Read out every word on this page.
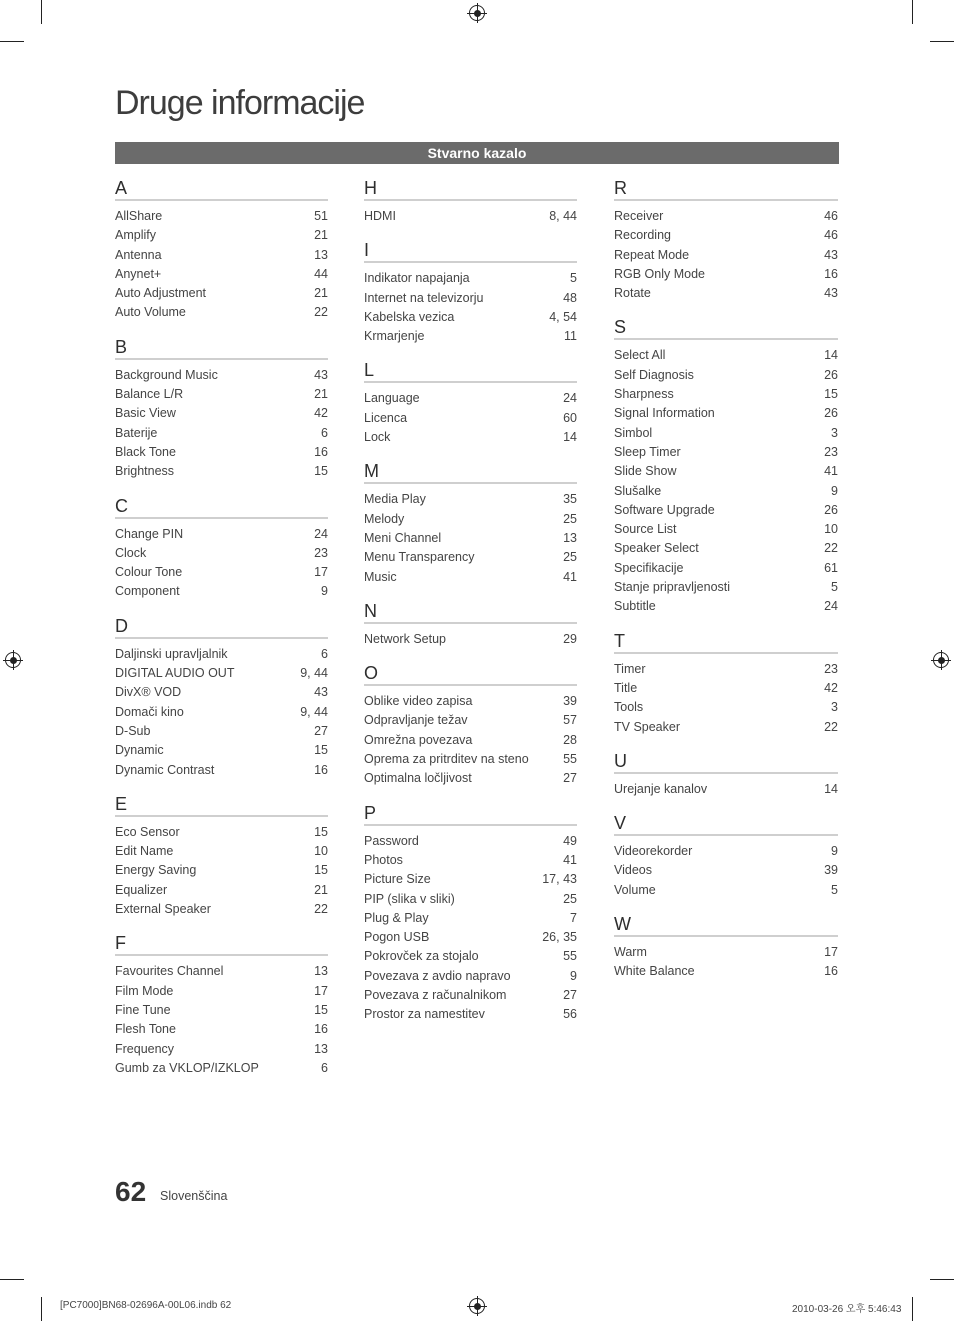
Druge informacije
Stvarno kazalo
A
AllShare	51
Amplify	21
Antenna	13
Anynet+	44
Auto Adjustment	21
Auto Volume	22
B
Background Music	43
Balance L/R	21
Basic View	42
Baterije	6
Black Tone	16
Brightness	15
C
Change PIN	24
Clock	23
Colour Tone	17
Component	9
D
Daljinski upravljalnik	6
DIGITAL AUDIO OUT	9, 44
DivX® VOD	43
Domači kino	9, 44
D-Sub	27
Dynamic	15
Dynamic Contrast	16
E
Eco Sensor	15
Edit Name	10
Energy Saving	15
Equalizer	21
External Speaker	22
F
Favourites Channel	13
Film Mode	17
Fine Tune	15
Flesh Tone	16
Frequency	13
Gumb za VKLOP/IZKLOP	6
H
HDMI	8, 44
I
Indikator napajanja	5
Internet na televizorju	48
Kabelska vezica	4, 54
Krmarjenje	11
L
Language	24
Licenca	60
Lock	14
M
Media Play	35
Melody	25
Meni Channel	13
Menu Transparency	25
Music	41
N
Network Setup	29
O
Oblike video zapisa	39
Odpravljanje težav	57
Omrežna povezava	28
Oprema za pritrditev na steno	55
Optimalna ločljivost	27
P
Password	49
Photos	41
Picture Size	17, 43
PIP (slika v sliki)	25
Plug & Play	7
Pogon USB	26, 35
Pokrovček za stojalo	55
Povezava z avdio napravo	9
Povezava z računalnikom	27
Prostor za namestitev	56
R
Receiver	46
Recording	46
Repeat Mode	43
RGB Only Mode	16
Rotate	43
S
Select All	14
Self Diagnosis	26
Sharpness	15
Signal Information	26
Simbol	3
Sleep Timer	23
Slide Show	41
Slušalke	9
Software Upgrade	26
Source List	10
Speaker Select	22
Specifikacije	61
Stanje pripravljenosti	5
Subtitle	24
T
Timer	23
Title	42
Tools	3
TV Speaker	22
U
Urejanje kanalov	14
V
Videorekorder	9
Videos	39
Volume	5
W
Warm	17
White Balance	16
62 Slovenščina
[PC7000]BN68-02696A-00L06.indb 62	2010-03-26 오후 5:46:43
